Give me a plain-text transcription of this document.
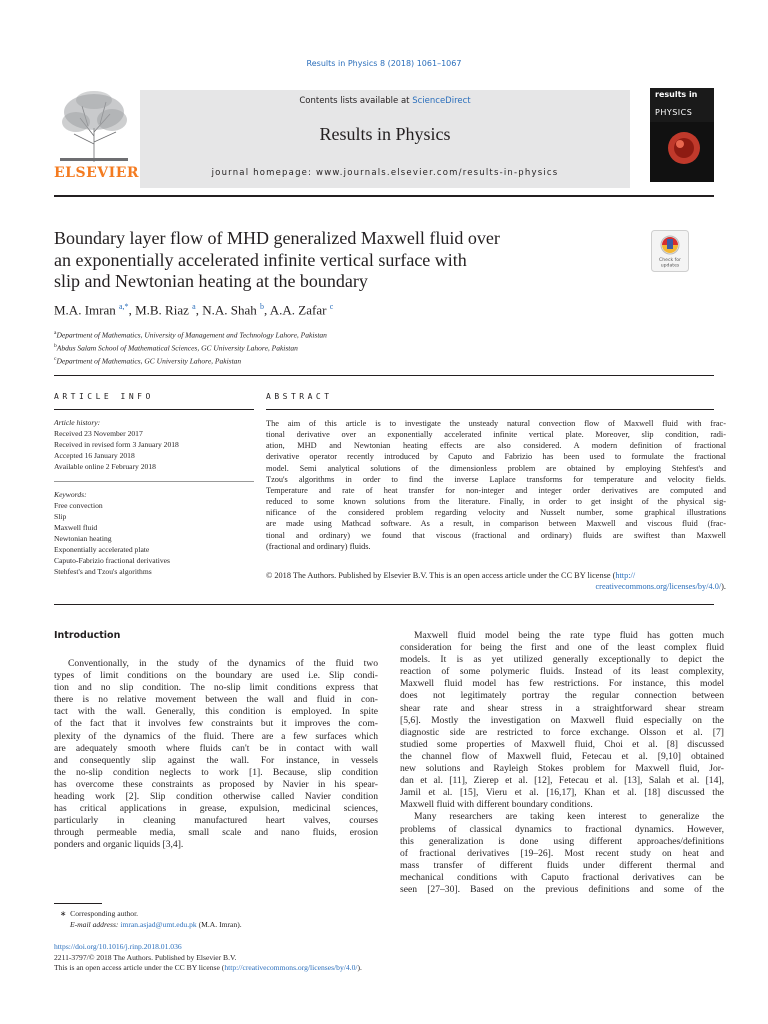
Results in Physics 8 (2018) 1061–1067
ELSEVIER
Contents lists available at ScienceDirect
Results in Physics
journal homepage: www.journals.elsevier.com/results-in-physics
results in
PHYSICS
Boundary layer flow of MHD generalized Maxwell fluid over
an exponentially accelerated infinite vertical surface with
slip and Newtonian heating at the boundary
Check for
updates
M.A. Imran $^{a,*}$, M.B. Riaz $^a$, N.A. Shah $^b$, A.A. Zafar $^c$
$^a$Department of Mathematics, University of Management and Technology Lahore, Pakistan
$^b$Abdus Salam School of Mathematical Sciences, GC University Lahore, Pakistan
$^c$Department of Mathematics, GC University Lahore, Pakistan
ARTICLE INFO	ABSTRACT
Article history:
Received 23 November 2017
Received in revised form 3 January 2018
Accepted 16 January 2018
Available online 2 February 2018
Keywords:
Free convection
Slip
Maxwell fluid
Newtonian heating
Exponentially accelerated plate
Caputo-Fabrizio fractional derivatives
Stehfest's and Tzou's algorithms
The aim of this article is to investigate the unsteady natural convection flow of Maxwell fluid with frac-
tional derivative over an exponentially accelerated infinite vertical plate. Moreover, slip condition, radi-
ation, MHD and Newtonian heating effects are also considered. A modern definition of fractional
derivative operator recently introduced by Caputo and Fabrizio has been used to formulate the fractional
model. Semi analytical solutions of the dimensionless problem are obtained by employing Stehfest's and
Tzou's algorithms in order to find the inverse Laplace transforms for temperature and velocity fields.
Temperature and rate of heat transfer for non-integer and integer order derivatives are computed and
reduced to some known solutions from the literature. Finally, in order to get insight of the physical sig-
nificance of the considered problem regarding velocity and Nusselt number, some graphical illustrations
are made using Mathcad software. As a result, in comparison between Maxwell and viscous fluid (frac-
tional and ordinary) we found that viscous (fractional and ordinary) fluids are swiftest than Maxwell
(fractional and ordinary) fluids.
© 2018 The Authors. Published by Elsevier B.V. This is an open access article under the CC BY license (http://
creativecommons.org/licenses/by/4.0/).
Introduction
Conventionally, in the study of the dynamics of the fluid two
types of limit conditions on the boundary are used i.e. Slip condi-
tion and no slip condition. The no-slip limit conditions express that
there is no relative movement between the wall and fluid in con-
tact with the wall. Generally, this condition is employed. In spite
of the fact that it involves few constraints but it improves the com-
plexity of the dynamics of the fluid. There are a few surfaces which
are adequately smooth where fluids can't be in contact with wall
and consequently slip against the wall. For instance, in vessels
the no-slip condition neglects to work [1]. Because, slip condition
has overcome these constraints as proposed by Navier in his spear-
heading work [2]. Slip condition otherwise called Navier condition
has critical applications in grease, expulsion, medicinal sciences,
particularly in cleaning manufactured heart valves, courses
through permeable media, small scale and nano fluids, erosion
ponders and organic liquids [3,4].
Maxwell fluid model being the rate type fluid has gotten much
consideration for being the first and one of the least complex fluid
models. It is as yet utilized generally exceptionally to depict the
reaction of some polymeric fluids. Instead of its least complexity,
Maxwell fluid model has few restrictions. For instance, this model
does not legitimately portray the regular connection between
shear rate and shear stress in a straightforward shear stream
[5,6]. Mostly the investigation on Maxwell fluid especially on the
diagnostic side are restricted to force exchange. Olsson et al. [7]
studied some properties of Maxwell fluid, Choi et al. [8] discussed
the channel flow of Maxwell fluid, Fetecau et al. [9,10] obtained
new solutions and Rayleigh Stokes problem for Maxwell fluid, Jor-
dan et al. [11], Zierep et al. [12], Fetecau et al. [13], Salah et al. [14],
Jamil et al. [15], Vieru et al. [16,17], Khan et al. [18] discussed the
Maxwell fluid with different boundary conditions.
Many researchers are taking keen interest to generalize the
problems of classical dynamics to fractional dynamics. However,
this generalization is done using different approaches/definitions
of fractional derivatives [19–26]. Most recent study on heat and
mass transfer of different fluids under different thermal and
mechanical conditions with Caputo fractional derivatives can be
seen [27–30]. Based on the previous definitions and some of the
∗  Corresponding author.
E-mail address: imran.asjad@umt.edu.pk (M.A. Imran).
https://doi.org/10.1016/j.rinp.2018.01.036
2211-3797/© 2018 The Authors. Published by Elsevier B.V.
This is an open access article under the CC BY license (http://creativecommons.org/licenses/by/4.0/).
